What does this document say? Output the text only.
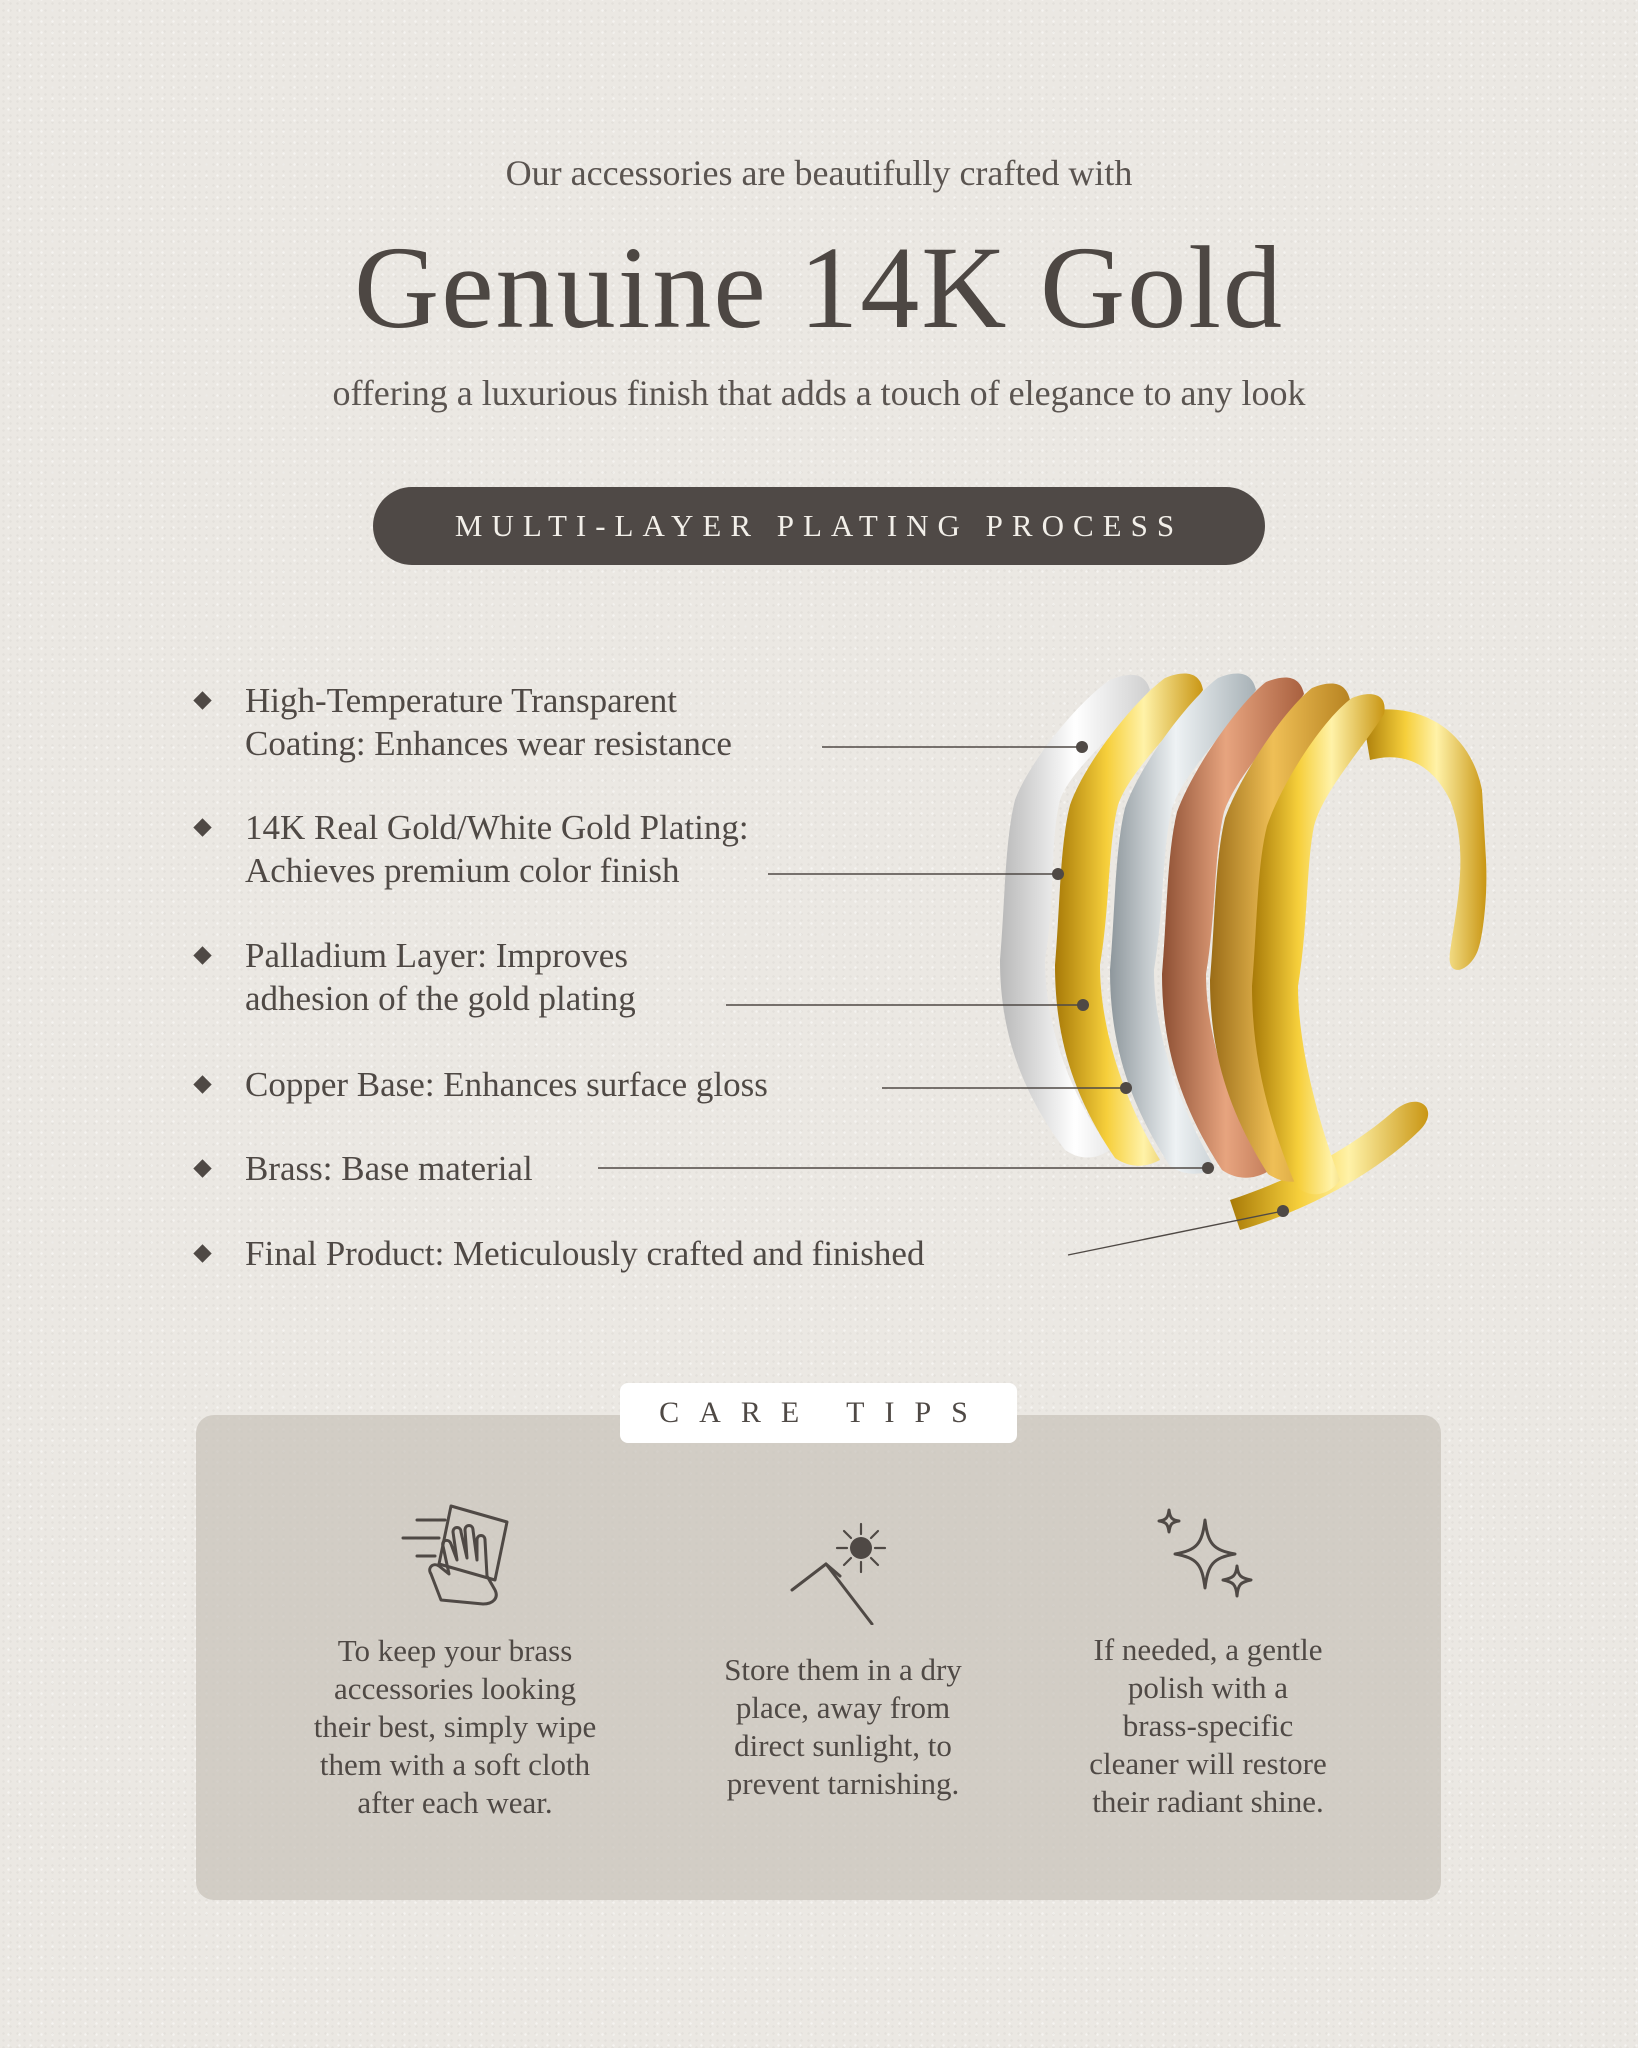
Our accessories are beautifully crafted with
Genuine 14K Gold
offering a luxurious finish that adds a touch of elegance to any look
MULTI-LAYER PLATING PROCESS
High-Temperature Transparent
Coating: Enhances wear resistance
14K Real Gold/White Gold Plating:
Achieves premium color finish
Palladium Layer: Improves
adhesion of the gold plating
Copper Base: Enhances surface gloss
Brass: Base material
Final Product: Meticulously crafted and finished
CARE TIPS
To keep your brass
accessories looking
their best, simply wipe
them with a soft cloth
after each wear.
Store them in a dry
place, away from
direct sunlight, to
prevent tarnishing.
If needed, a gentle
polish with a
brass-specific
cleaner will restore
their radiant shine.
